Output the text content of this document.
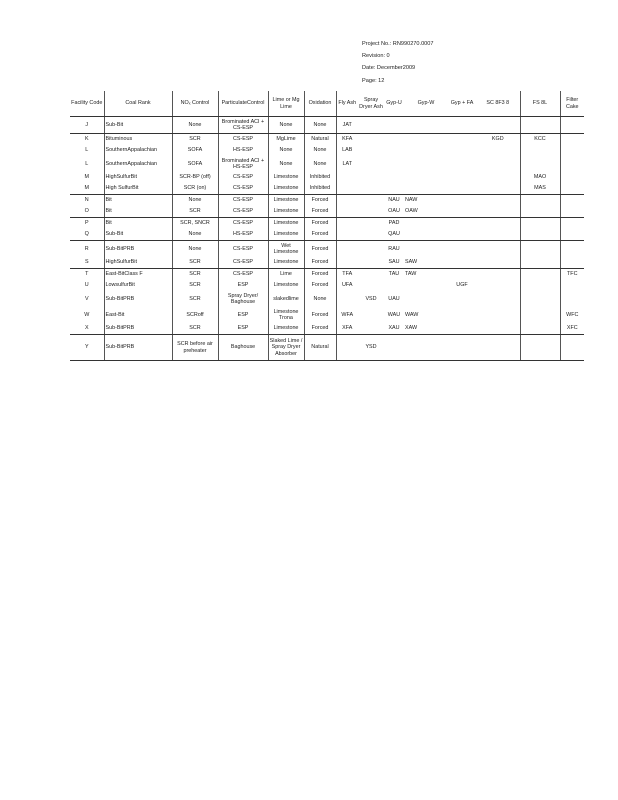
Project No.: RN990270.0007
Revision: 0
Date: December2009
Page: 12
Facility Code	Coal Rank	NOₓ Control	ParticulateControl	Lime or Mg Lime	Oxidation	Fly Ash	Spray Dryer Ash	Gyp-U	Gyp-W	Gyp + FA	SC 8F3 8	FS 8L	Filter Cake
J	Sub-Bit	None	Brominated ACI + CS-ESP	None	None	JAT							
K	Bituminous	SCR	CS-ESP	MgLime	Natural	KFA					KGD	KCC	
L	SouthernAppalachian	SOFA	HS-ESP	None	None	LAB							
L	SouthernAppalachian	SOFA	Brominated ACI + HS-ESP	None	None	LAT							
M	HighSulfurBit	SCR-BP (off)	CS-ESP	Limestone	Inhibited							MAO	
M	High SulfurBit	SCR (on)	CS-ESP	Limestone	Inhibited							MAS	
N	Bit	None	CS-ESP	Limestone	Forced			NAU	NAW				
O	Bit	SCR	CS-ESP	Limestone	Forced			OAU	OAW				
P	Bit	SCR, SNCR	CS-ESP	Limestone	Forced			PAD					
Q	Sub-Bit	None	HS-ESP	Limestone	Forced			QAU					
R	Sub-BitPRB	None	CS-ESP	Wet Limestone	Forced			RAU					
S	HighSulfurBit	SCR	CS-ESP	Limestone	Forced			SAU	SAW				
T	East-BitClass F	SCR	CS-ESP	Lime	Forced	TFA		TAU	TAW				TFC
U	LowsulfurBit	SCR	ESP	Limestone	Forced	UFA				UGF			
V	Sub-BitPRB	SCR	Spray Dryer/ Baghouse	slakedlime	None		VSD	UAU					
W	East-Bit	SCRoff	ESP	Limestone Trona	Forced	WFA		WAU	WAW				WFC
X	Sub-BitPRB	SCR	ESP	Limestone	Forced	XFA		XAU	XAW				XFC
Y	Sub-BitPRB	SCR before air preheater	Baghouse	Slaked Lime / Spray Dryer Absorber	Natural		YSD						
